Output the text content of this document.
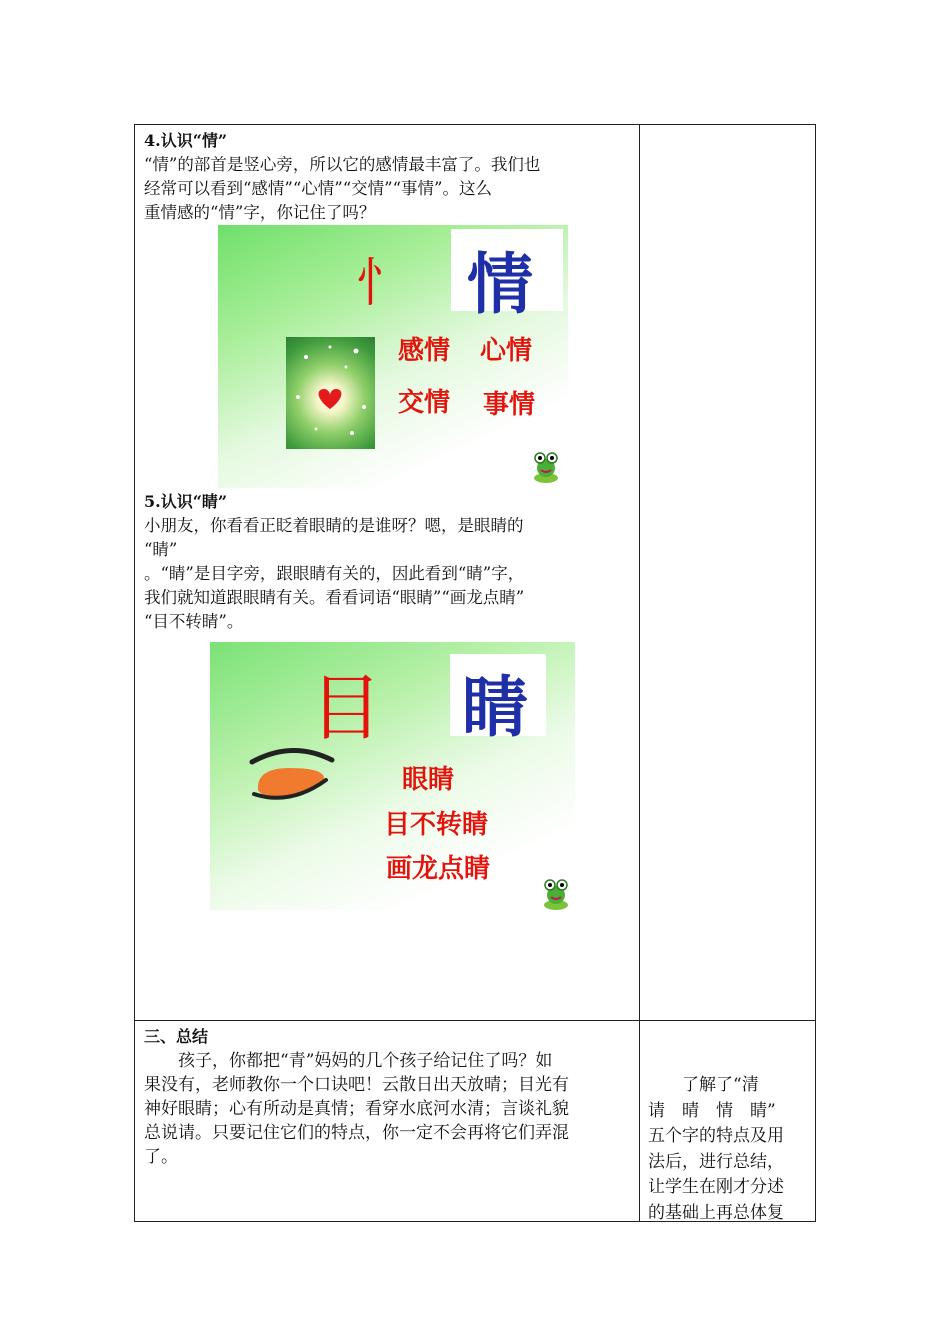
4.认识“情”

“情”的部首是竖心旁，所以它的感情最丰富了。我们也

经常可以看到“感情”“心情”“交情”“事情”。这么

重情感的“情”字，你记住了吗？

忄 情
感情 心情
交情 事情

5.认识“睛”

小朋友，你看看正眨着眼睛的是谁呀？嗯，是眼睛的

“睛”

。“睛”是目字旁，跟眼睛有关的，因此看到“睛”字，

我们就知道跟眼睛有关。看看词语“眼睛”“画龙点睛”

“目不转睛”。

目 睛
眼睛
目不转睛
画龙点睛

三、总结

　　孩子，你都把“青”妈妈的几个孩子给记住了吗？如

果没有，老师教你一个口诀吧！云散日出天放晴；目光有

神好眼睛；心有所动是真情；看穿水底河水清；言谈礼貌

总说请。只要记住它们的特点，你一定不会再将它们弄混

了。

　　了解了“清
请　晴　情　睛”
五个字的特点及用
法后，进行总结，
让学生在刚才分述
的基础上再总体复
